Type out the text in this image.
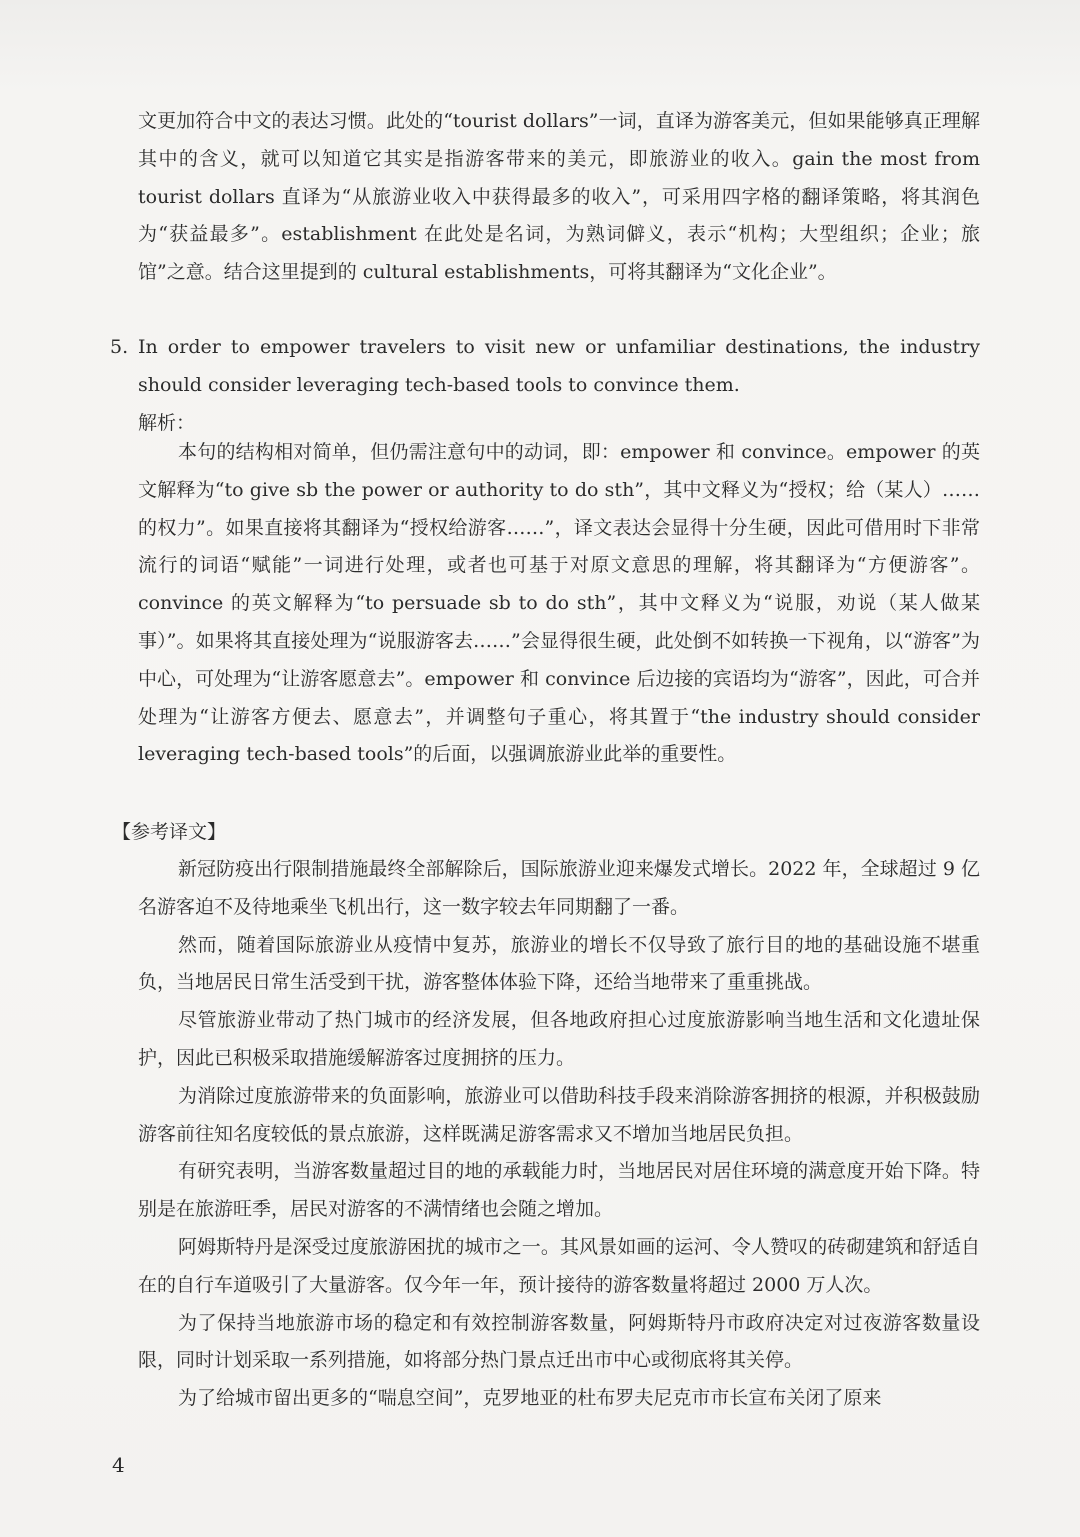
文更加符合中文的表达习惯。此处的“tourist dollars”一词，直译为游客美元，但如果能够真正理解其中的含义，就可以知道它其实是指游客带来的美元，即旅游业的收入。gain the most from tourist dollars 直译为“从旅游业收入中获得最多的收入”，可采用四字格的翻译策略，将其润色为“获益最多”。establishment 在此处是名词，为熟词僻义，表示“机构；大型组织；企业；旅馆”之意。结合这里提到的 cultural establishments，可将其翻译为“文化企业”。

5. In order to empower travelers to visit new or unfamiliar destinations, the industry should consider leveraging tech-based tools to convince them.

解析：

本句的结构相对简单，但仍需注意句中的动词，即：empower 和 convince。empower 的英文解释为“to give sb the power or authority to do sth”，其中文释义为“授权；给（某人）……的权力”。如果直接将其翻译为“授权给游客……”，译文表达会显得十分生硬，因此可借用时下非常流行的词语“赋能”一词进行处理，或者也可基于对原文意思的理解，将其翻译为“方便游客”。convince 的英文解释为“to persuade sb to do sth”，其中文释义为“说服，劝说（某人做某事）”。如果将其直接处理为“说服游客去……”会显得很生硬，此处倒不如转换一下视角，以“游客”为中心，可处理为“让游客愿意去”。empower 和 convince 后边接的宾语均为“游客”，因此，可合并处理为“让游客方便去、愿意去”，并调整句子重心，将其置于“the industry should consider leveraging tech-based tools”的后面，以强调旅游业此举的重要性。

【参考译文】

新冠防疫出行限制措施最终全部解除后，国际旅游业迎来爆发式增长。2022 年，全球超过 9 亿名游客迫不及待地乘坐飞机出行，这一数字较去年同期翻了一番。

然而，随着国际旅游业从疫情中复苏，旅游业的增长不仅导致了旅行目的地的基础设施不堪重负，当地居民日常生活受到干扰，游客整体体验下降，还给当地带来了重重挑战。

尽管旅游业带动了热门城市的经济发展，但各地政府担心过度旅游影响当地生活和文化遗址保护，因此已积极采取措施缓解游客过度拥挤的压力。

为消除过度旅游带来的负面影响，旅游业可以借助科技手段来消除游客拥挤的根源，并积极鼓励游客前往知名度较低的景点旅游，这样既满足游客需求又不增加当地居民负担。

有研究表明，当游客数量超过目的地的承载能力时，当地居民对居住环境的满意度开始下降。特别是在旅游旺季，居民对游客的不满情绪也会随之增加。

阿姆斯特丹是深受过度旅游困扰的城市之一。其风景如画的运河、令人赞叹的砖砌建筑和舒适自在的自行车道吸引了大量游客。仅今年一年，预计接待的游客数量将超过 2000 万人次。

为了保持当地旅游市场的稳定和有效控制游客数量，阿姆斯特丹市政府决定对过夜游客数量设限，同时计划采取一系列措施，如将部分热门景点迁出市中心或彻底将其关停。

为了给城市留出更多的“喘息空间”，克罗地亚的杜布罗夫尼克市市长宣布关闭了原来

4
